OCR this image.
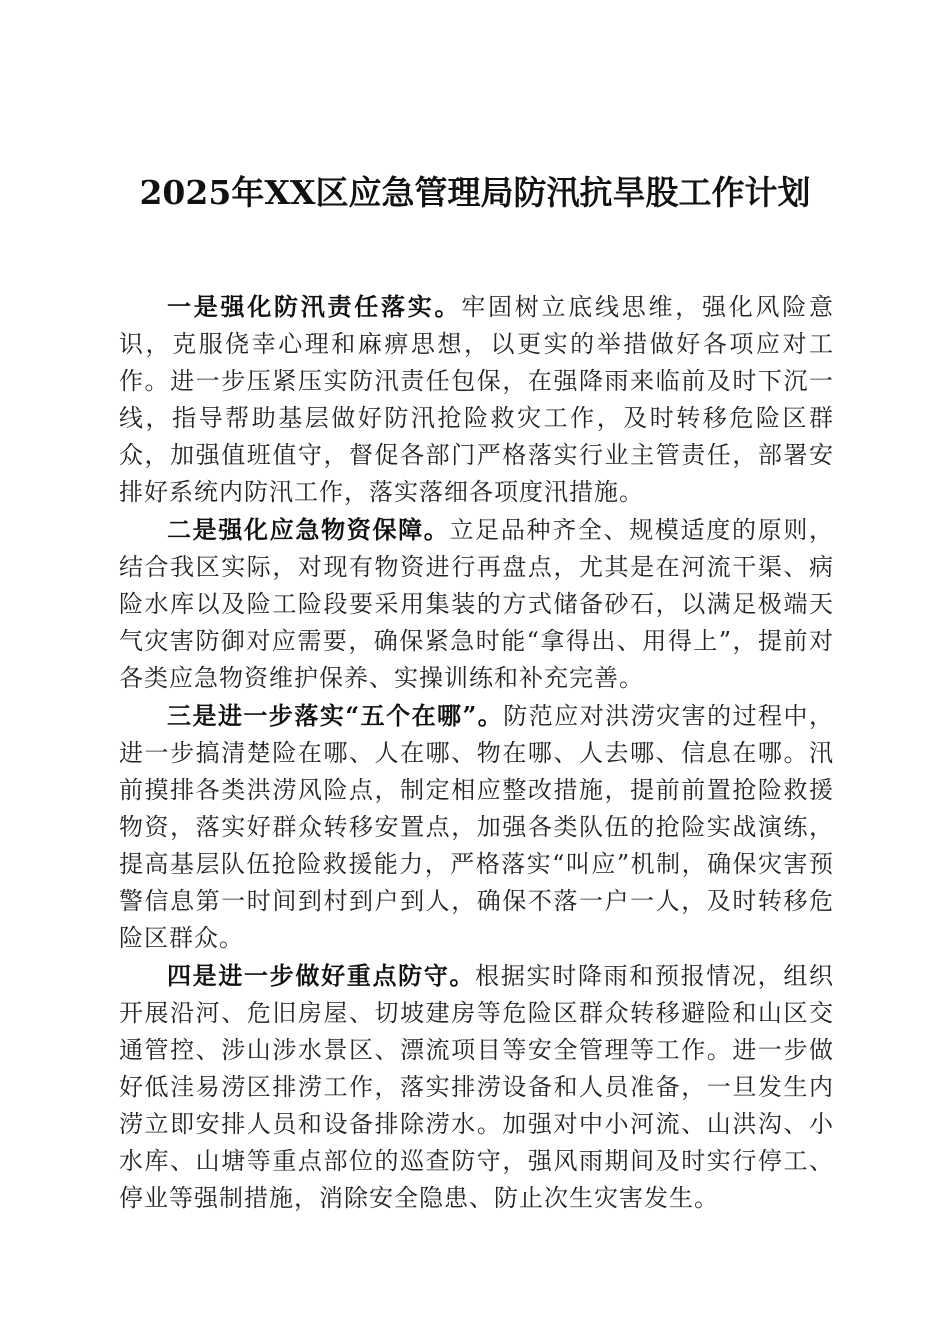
2025年XX区应急管理局防汛抗旱股工作计划

一是强化防汛责任落实。牢固树立底线思维，强化风险意识，克服侥幸心理和麻痹思想，以更实的举措做好各项应对工作。进一步压紧压实防汛责任包保，在强降雨来临前及时下沉一线，指导帮助基层做好防汛抢险救灾工作，及时转移危险区群众，加强值班值守，督促各部门严格落实行业主管责任，部署安排好系统内防汛工作，落实落细各项度汛措施。

二是强化应急物资保障。立足品种齐全、规模适度的原则，结合我区实际，对现有物资进行再盘点，尤其是在河流干渠、病险水库以及险工险段要采用集装的方式储备砂石，以满足极端天气灾害防御对应需要，确保紧急时能“拿得出、用得上”，提前对各类应急物资维护保养、实操训练和补充完善。

三是进一步落实“五个在哪”。防范应对洪涝灾害的过程中，进一步搞清楚险在哪、人在哪、物在哪、人去哪、信息在哪。汛前摸排各类洪涝风险点，制定相应整改措施，提前前置抢险救援物资，落实好群众转移安置点，加强各类队伍的抢险实战演练，提高基层队伍抢险救援能力，严格落实“叫应”机制，确保灾害预警信息第一时间到村到户到人，确保不落一户一人，及时转移危险区群众。

四是进一步做好重点防守。根据实时降雨和预报情况，组织开展沿河、危旧房屋、切坡建房等危险区群众转移避险和山区交通管控、涉山涉水景区、漂流项目等安全管理等工作。进一步做好低洼易涝区排涝工作，落实排涝设备和人员准备，一旦发生内涝立即安排人员和设备排除涝水。加强对中小河流、山洪沟、小水库、山塘等重点部位的巡查防守，强风雨期间及时实行停工、停业等强制措施，消除安全隐患、防止次生灾害发生。
